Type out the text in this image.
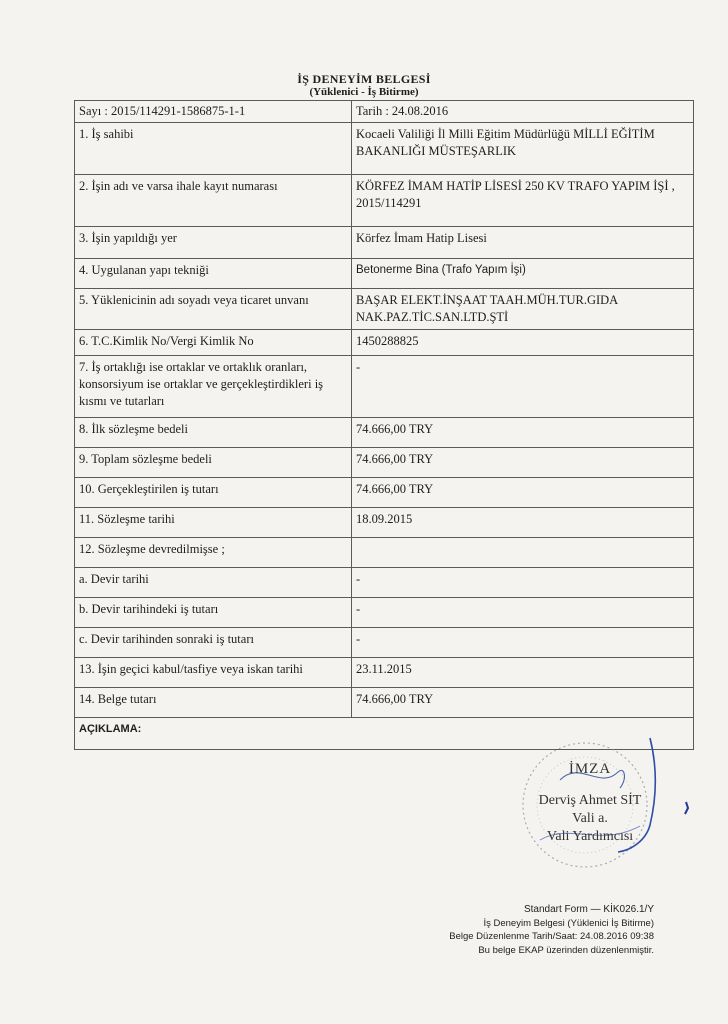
İŞ DENEYİM BELGESİ
(Yüklenici - İş Bitirme)
Sayı : 2015/114291-1586875-1-1	Tarih : 24.08.2016
1. İş sahibi	Kocaeli Valiliği İl Milli Eğitim Müdürlüğü MİLLİ EĞİTİM BAKANLIĞI MÜSTEŞARLIK
2. İşin adı ve varsa ihale kayıt numarası	KÖRFEZ İMAM HATİP LİSESİ 250 KV TRAFO YAPIM İŞİ , 2015/114291
3. İşin yapıldığı yer	Körfez İmam Hatip Lisesi
4. Uygulanan yapı tekniği	Betonerme Bina (Trafo Yapım İşi)
5. Yüklenicinin adı soyadı veya ticaret unvanı	BAŞAR ELEKT.İNŞAAT TAAH.MÜH.TUR.GIDA NAK.PAZ.TİC.SAN.LTD.ŞTİ
6. T.C.Kimlik No/Vergi Kimlik No	1450288825
7. İş ortaklığı ise ortaklar ve ortaklık oranları, konsorsiyum ise ortaklar ve gerçekleştirdikleri iş kısmı ve tutarları	-
8. İlk sözleşme bedeli	74.666,00 TRY
9. Toplam sözleşme bedeli	74.666,00 TRY
10. Gerçekleştirilen iş tutarı	74.666,00 TRY
11. Sözleşme tarihi	18.09.2015
12. Sözleşme devredilmişse ;	
a. Devir tarihi	-
b. Devir tarihindeki iş tutarı	-
c. Devir tarihinden sonraki iş tutarı	-
13. İşin geçici kabul/tasfiye veya iskan tarihi	23.11.2015
14. Belge tutarı	74.666,00 TRY
AÇIKLAMA:	
İMZA
Derviş Ahmet SİT
Vali a.
Vali Yardımcısı
Standart Form — KİK026.1/Y
İş Deneyim Belgesi (Yüklenici İş Bitirme)
Belge Düzenlenme Tarih/Saat: 24.08.2016 09:38
Bu belge EKAP üzerinden düzenlenmiştir.
